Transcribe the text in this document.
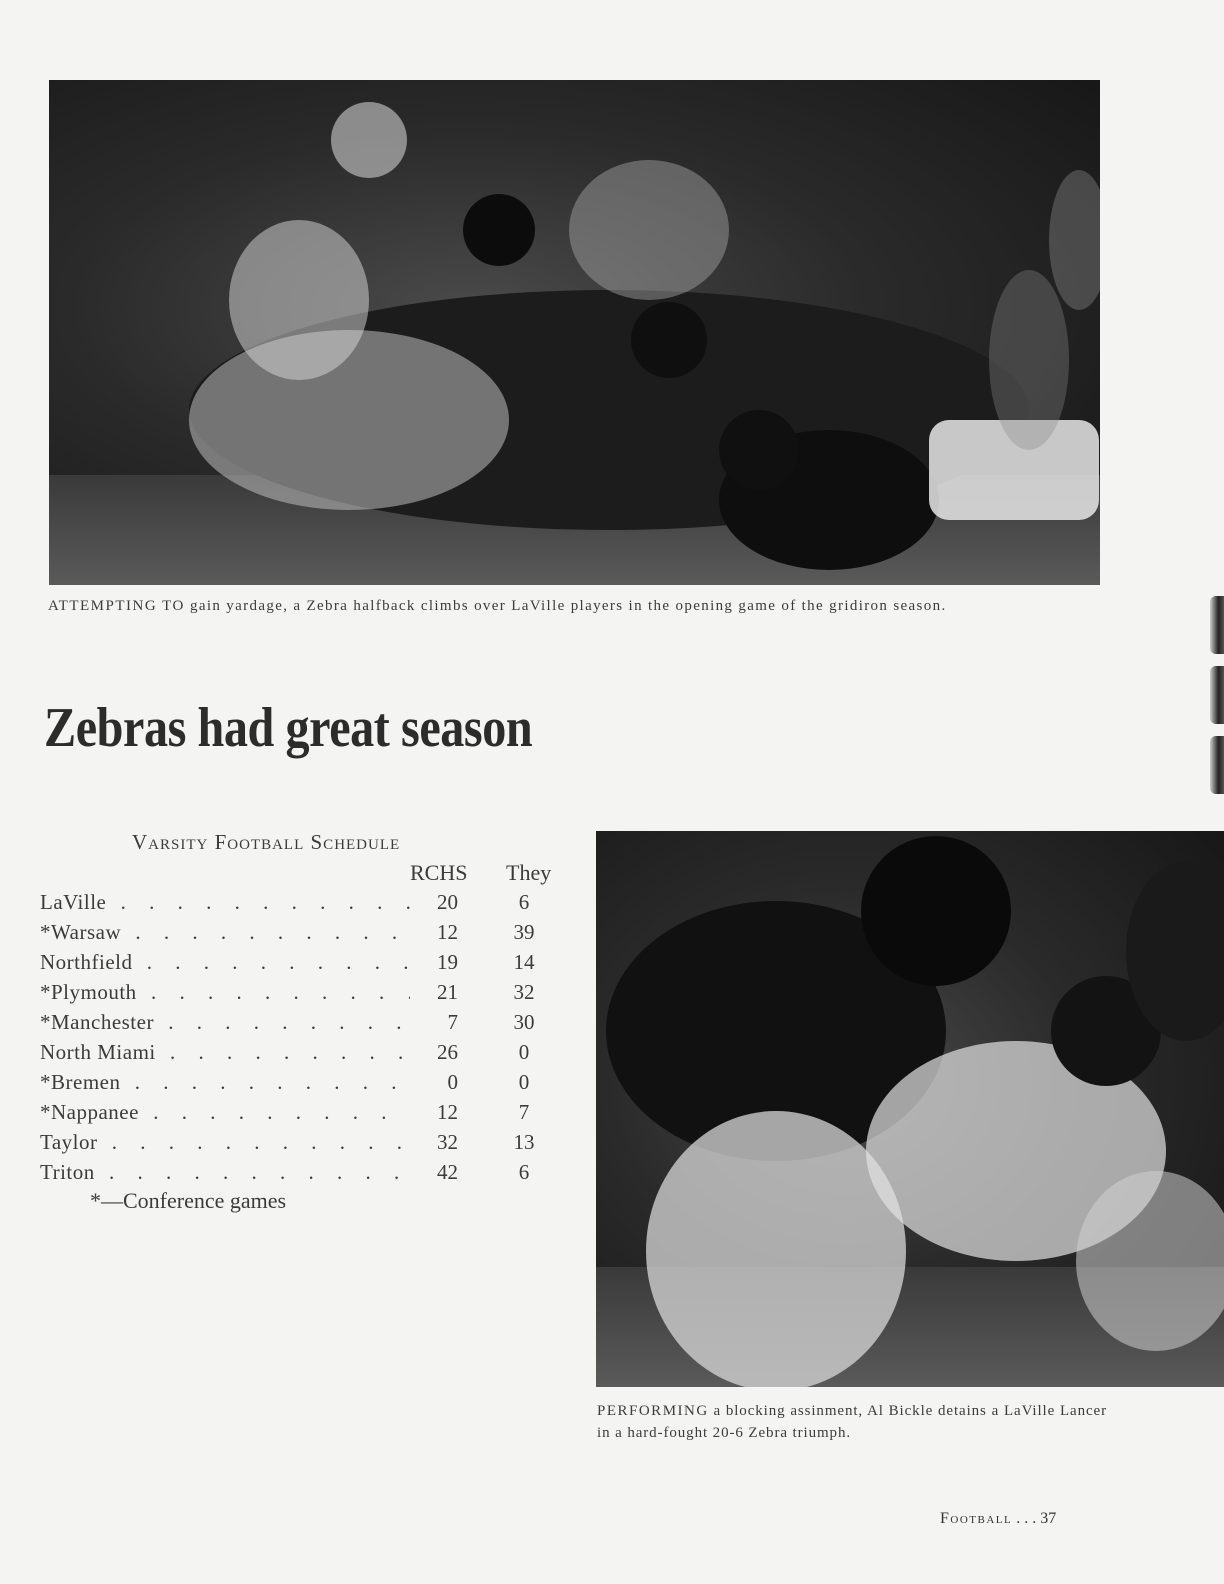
ATTEMPTING TO gain yardage, a Zebra halfback climbs over LaVille players in the opening game of the gridiron season.
Zebras had great season
Varsity Football Schedule
RCHS They
LaVille . . .	20	6
*Warsaw . . .	12	39
Northfield . . .	19	14
*Plymouth . . .	21	32
*Manchester . . .	7	30
North Miami . . .	26	0
*Bremen . . .	0	0
*Nappanee . . .	12	7
Taylor . . .	32	13
Triton . . .	42	6
*—Conference games
PERFORMING a blocking assinment, Al Bickle detains a LaVille Lancer in a hard-fought 20-6 Zebra triumph.
Football . . . 37
